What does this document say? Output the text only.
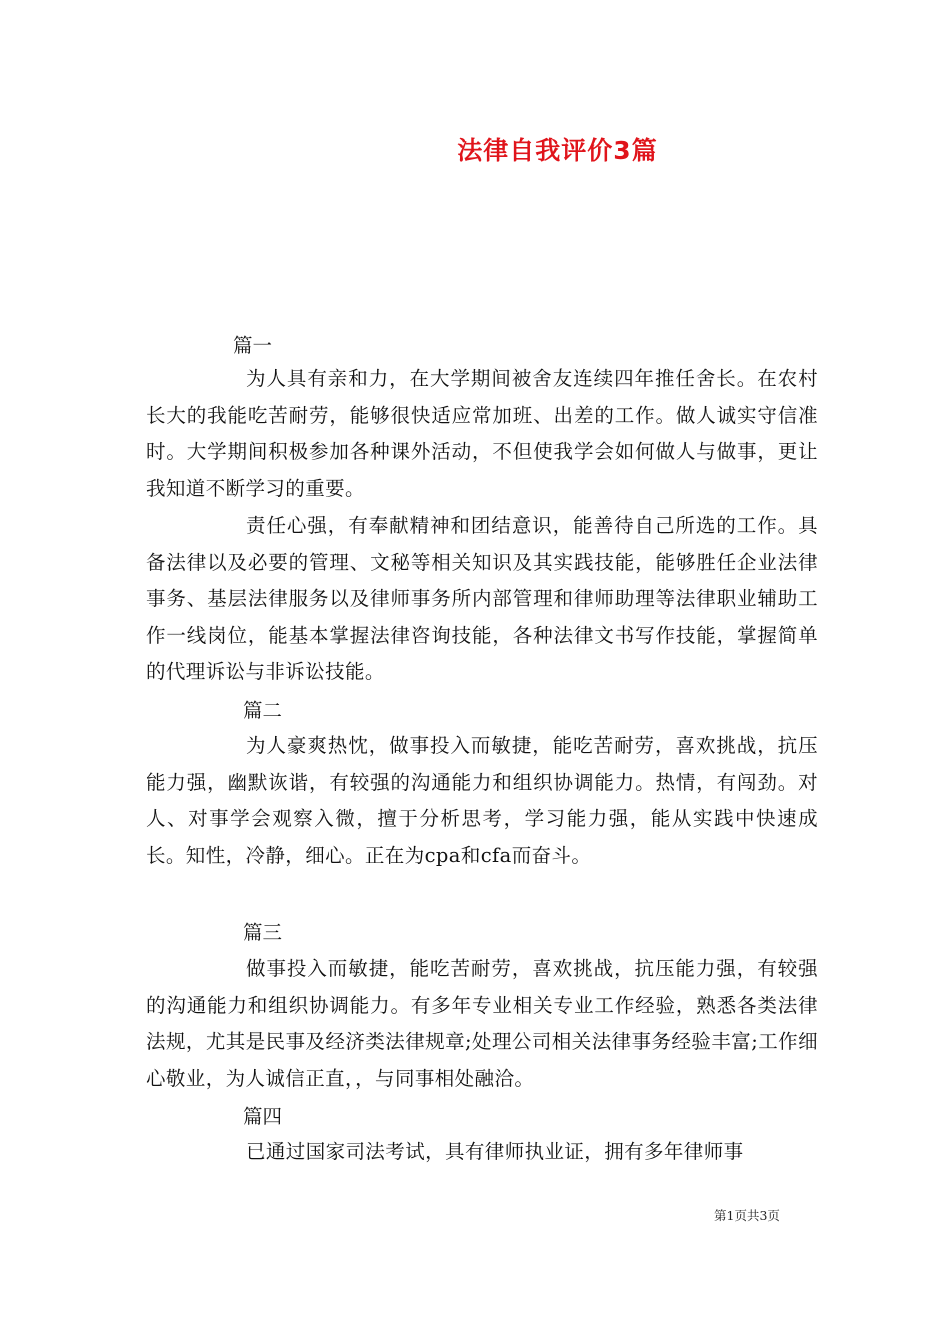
法律自我评价3篇
篇一
为人具有亲和力，在大学期间被舍友连续四年推任舍长。在农村长大的我能吃苦耐劳，能够很快适应常加班、出差的工作。做人诚实守信准时。大学期间积极参加各种课外活动，不但使我学会如何做人与做事，更让我知道不断学习的重要。
责任心强，有奉献精神和团结意识，能善待自己所选的工作。具备法律以及必要的管理、文秘等相关知识及其实践技能，能够胜任企业法律事务、基层法律服务以及律师事务所内部管理和律师助理等法律职业辅助工作一线岗位，能基本掌握法律咨询技能，各种法律文书写作技能，掌握简单的代理诉讼与非诉讼技能。
篇二
为人豪爽热忱，做事投入而敏捷，能吃苦耐劳，喜欢挑战，抗压能力强，幽默诙谐，有较强的沟通能力和组织协调能力。热情，有闯劲。对人、对事学会观察入微，擅于分析思考，学习能力强，能从实践中快速成长。知性，冷静，细心。正在为cpa和cfa而奋斗。
篇三
做事投入而敏捷，能吃苦耐劳，喜欢挑战，抗压能力强，有较强的沟通能力和组织协调能力。有多年专业相关专业工作经验，熟悉各类法律法规，尤其是民事及经济类法律规章;处理公司相关法律事务经验丰富;工作细心敬业，为人诚信正直，，与同事相处融洽。
篇四
已通过国家司法考试，具有律师执业证，拥有多年律师事
第1页共3页
